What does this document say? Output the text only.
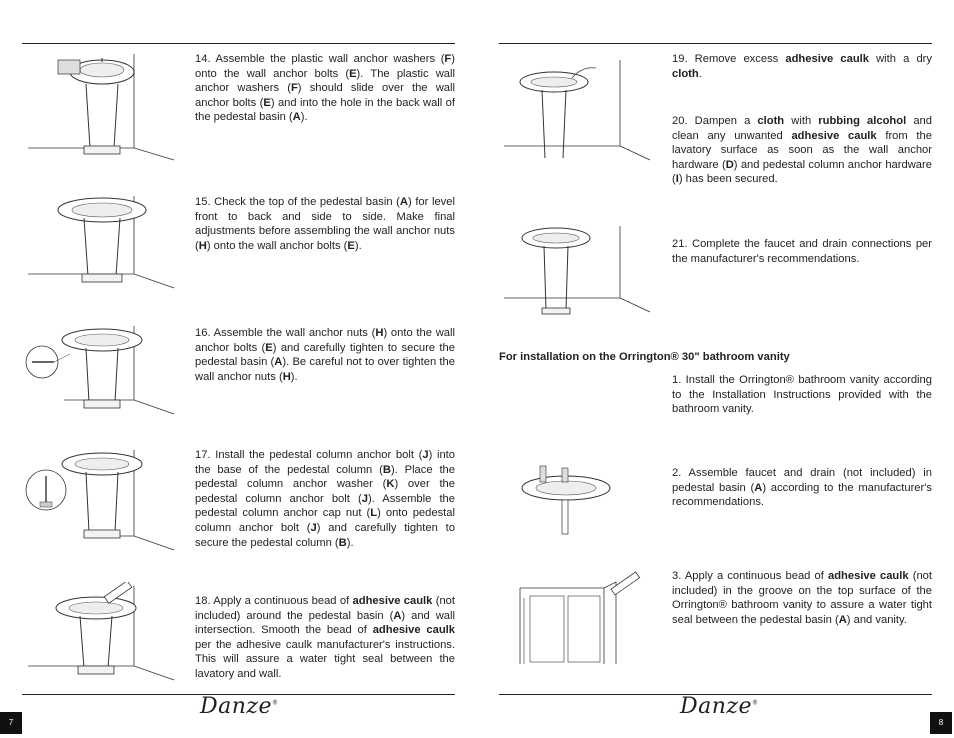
14. Assemble the plastic wall anchor washers (F) onto the wall anchor bolts (E). The plastic wall anchor washers (F) should slide over the wall anchor bolts (E) and into the hole in the back wall of the pedestal basin (A).
15. Check the top of the pedestal basin (A) for level front to back and side to side. Make final adjustments before assembling the wall anchor nuts (H) onto the wall anchor bolts (E).
16. Assemble the wall anchor nuts (H) onto the wall anchor bolts (E) and carefully tighten to secure the pedestal basin (A). Be careful not to over tighten the wall anchor nuts (H).
17. Install the pedestal column anchor bolt (J) into the base of the pedestal column (B). Place the pedestal column anchor washer (K) over the pedestal column anchor bolt (J). Assemble the pedestal column anchor cap nut (L) onto pedestal column anchor bolt (J) and carefully tighten to secure the pedestal column (B).
18. Apply a continuous bead of adhesive caulk (not included) around the pedestal basin (A) and wall intersection. Smooth the bead of adhesive caulk per the adhesive caulk manufacturer's instructions. This will assure a water tight seal between the lavatory and wall.
19. Remove excess adhesive caulk with a dry cloth.
20. Dampen a cloth with rubbing alcohol and clean any unwanted adhesive caulk from the lavatory surface as soon as the wall anchor hardware (D) and pedestal column anchor hardware (I) has been secured.
21. Complete the faucet and drain connections per the manufacturer's recommendations.
For installation on the Orrington® 30" bathroom vanity
1. Install the Orrington® bathroom vanity according to the Installation Instructions provided with the bathroom vanity.
2. Assemble faucet and drain (not included) in pedestal basin (A) according to the manufacturer's recommendations.
3. Apply a continuous bead of adhesive caulk (not included) in the groove on the top surface of the Orrington® bathroom vanity to assure a water tight seal between the pedestal basin (A) and vanity.
7
Danze®	Danze®
8
